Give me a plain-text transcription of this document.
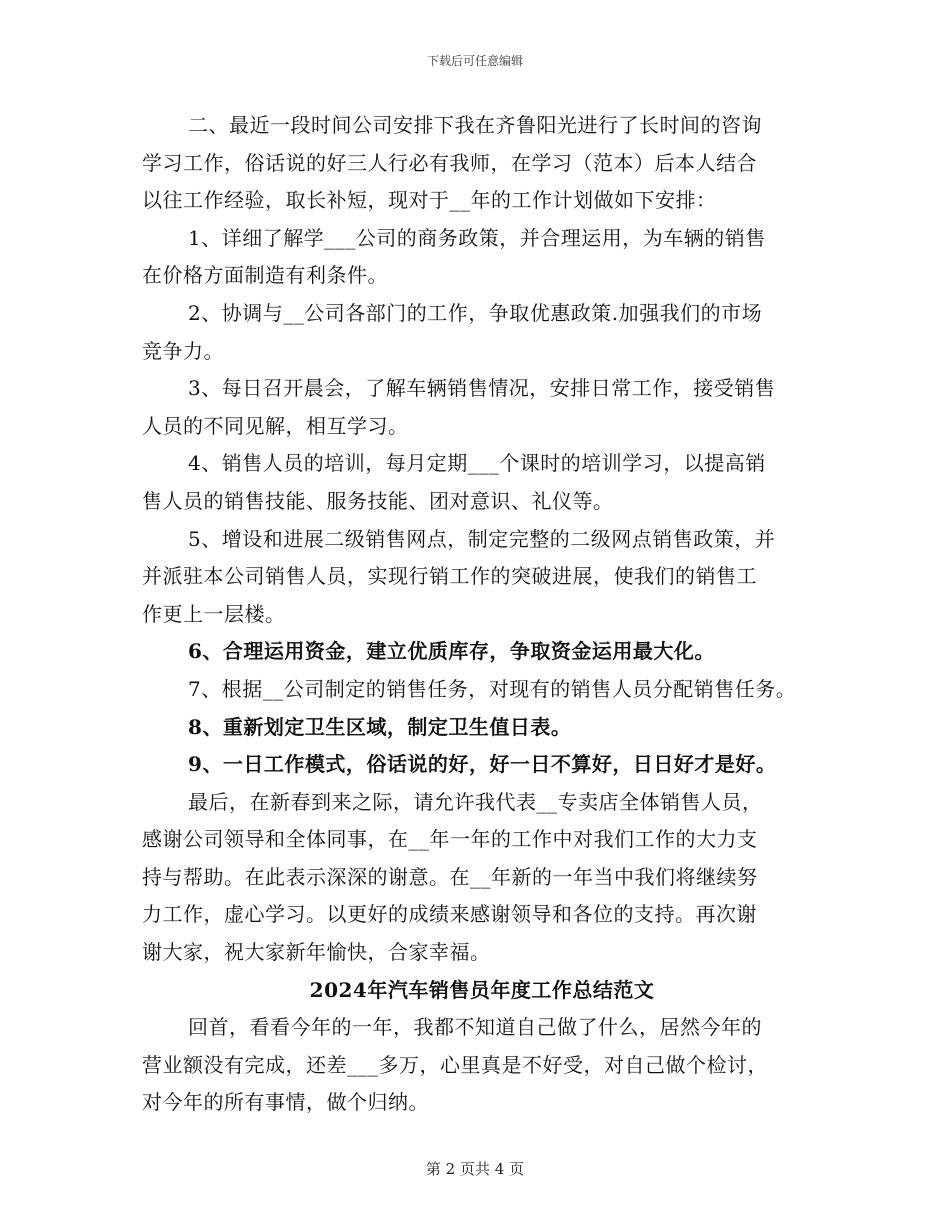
下载后可任意编辑
二、最近一段时间公司安排下我在齐鲁阳光进行了长时间的咨询
学习工作，俗话说的好三人行必有我师，在学习（范本）后本人结合
以往工作经验，取长补短，现对于__年的工作计划做如下安排：
1、详细了解学___公司的商务政策，并合理运用，为车辆的销售
在价格方面制造有利条件。
2、协调与__公司各部门的工作，争取优惠政策.加强我们的市场
竞争力。
3、每日召开晨会，了解车辆销售情况，安排日常工作，接受销售
人员的不同见解，相互学习。
4、销售人员的培训，每月定期___个课时的培训学习，以提高销
售人员的销售技能、服务技能、团对意识、礼仪等。
5、增设和进展二级销售网点，制定完整的二级网点销售政策，并
并派驻本公司销售人员，实现行销工作的突破进展，使我们的销售工
作更上一层楼。
6、合理运用资金，建立优质库存，争取资金运用最大化。
7、根据__公司制定的销售任务，对现有的销售人员分配销售任务。
8、重新划定卫生区域，制定卫生值日表。
9、一日工作模式，俗话说的好，好一日不算好，日日好才是好。
最后，在新春到来之际，请允许我代表__专卖店全体销售人员，
感谢公司领导和全体同事，在__年一年的工作中对我们工作的大力支
持与帮助。在此表示深深的谢意。在__年新的一年当中我们将继续努
力工作，虚心学习。以更好的成绩来感谢领导和各位的支持。再次谢
谢大家，祝大家新年愉快，合家幸福。
2024年汽车销售员年度工作总结范文
回首，看看今年的一年，我都不知道自己做了什么，居然今年的
营业额没有完成，还差___多万，心里真是不好受，对自己做个检讨，
对今年的所有事情，做个归纳。
第 2 页共 4 页
